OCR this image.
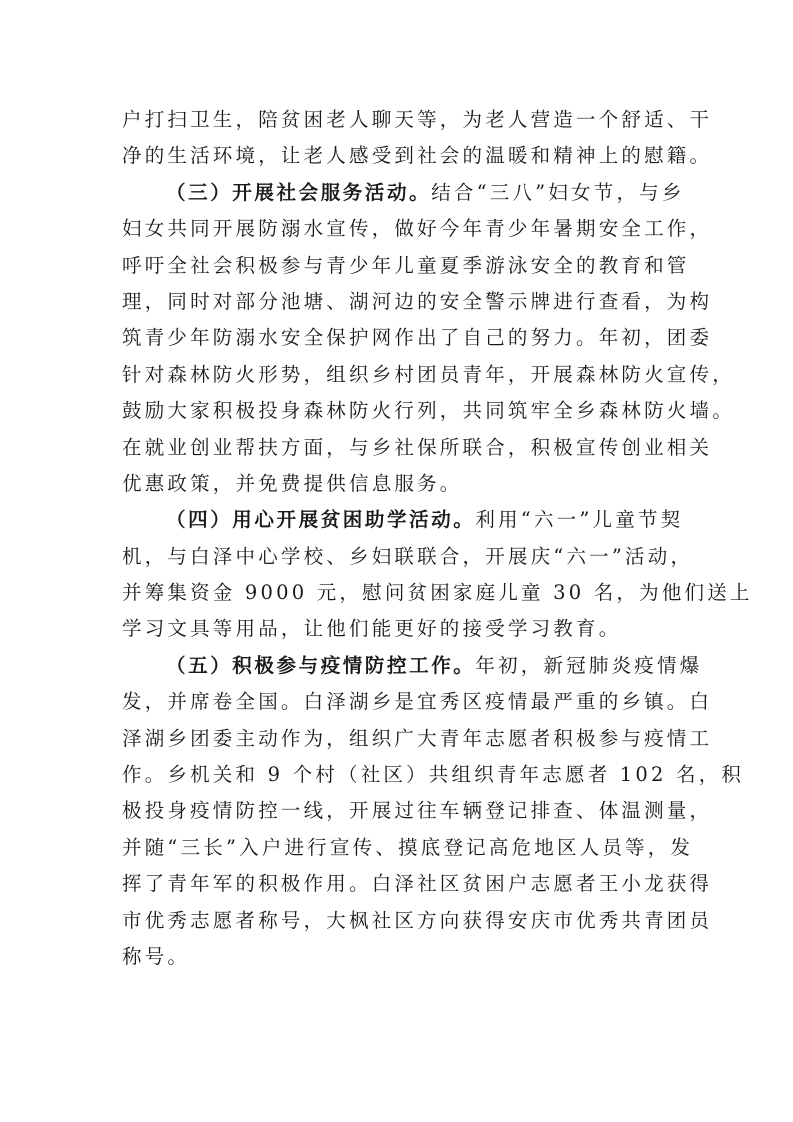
户打扫卫生，陪贫困老人聊天等，为老人营造一个舒适、干
净的生活环境，让老人感受到社会的温暖和精神上的慰籍。
（三）开展社会服务活动。结合“三八”妇女节，与乡
妇女共同开展防溺水宣传，做好今年青少年暑期安全工作，
呼吁全社会积极参与青少年儿童夏季游泳安全的教育和管
理，同时对部分池塘、湖河边的安全警示牌进行查看，为构
筑青少年防溺水安全保护网作出了自己的努力。年初，团委
针对森林防火形势，组织乡村团员青年，开展森林防火宣传，
鼓励大家积极投身森林防火行列，共同筑牢全乡森林防火墙。
在就业创业帮扶方面，与乡社保所联合，积极宣传创业相关
优惠政策，并免费提供信息服务。
（四）用心开展贫困助学活动。利用“六一”儿童节契
机，与白泽中心学校、乡妇联联合，开展庆“六一”活动，
并筹集资金 9000 元，慰问贫困家庭儿童 30 名，为他们送上
学习文具等用品，让他们能更好的接受学习教育。
（五）积极参与疫情防控工作。年初，新冠肺炎疫情爆
发，并席卷全国。白泽湖乡是宜秀区疫情最严重的乡镇。白
泽湖乡团委主动作为，组织广大青年志愿者积极参与疫情工
作。乡机关和 9 个村（社区）共组织青年志愿者 102 名，积
极投身疫情防控一线，开展过往车辆登记排查、体温测量，
并随“三长”入户进行宣传、摸底登记高危地区人员等，发
挥了青年军的积极作用。白泽社区贫困户志愿者王小龙获得
市优秀志愿者称号，大枫社区方向获得安庆市优秀共青团员
称号。
